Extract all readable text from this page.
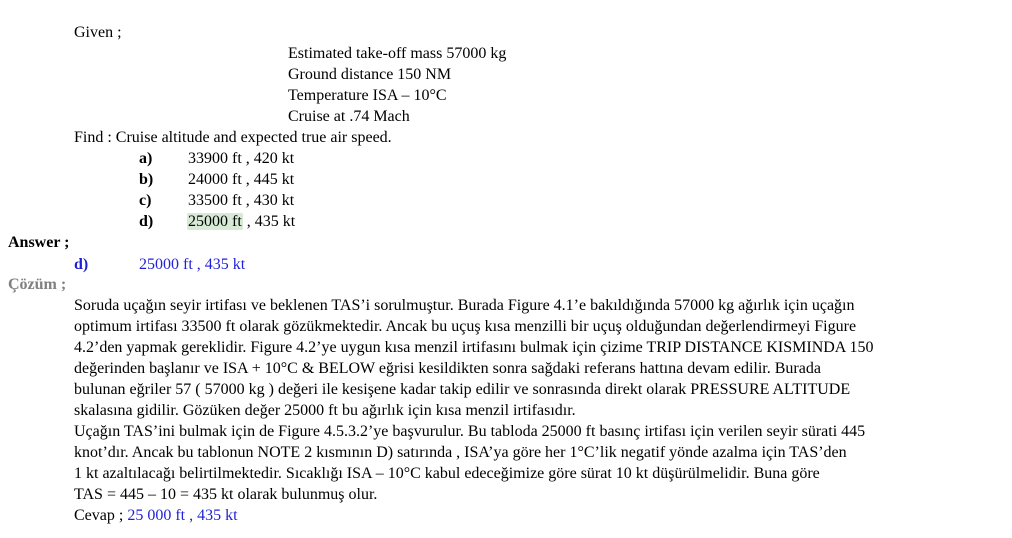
Given ;
Estimated take-off mass 57000 kg
Ground distance 150 NM
Temperature ISA – 10°C
Cruise at .74 Mach
Find : Cruise altitude and expected true air speed.
a) 33900 ft , 420 kt
b) 24000 ft , 445 kt
c) 33500 ft , 430 kt
d) 25000 ft , 435 kt
Answer ;
d)	25000 ft , 435 kt
Çözüm ;
Soruda uçağın seyir irtifası ve beklenen TAS’i sorulmuştur. Burada Figure 4.1’e bakıldığında 57000 kg ağırlık için uçağın
optimum irtifası 33500 ft olarak gözükmektedir. Ancak bu uçuş kısa menzilli bir uçuş olduğundan değerlendirmeyi Figure
4.2’den yapmak gereklidir. Figure 4.2’ye uygun kısa menzil irtifasını bulmak için çizime TRIP DISTANCE KISMINDA 150
değerinden başlanır ve ISA + 10°C & BELOW eğrisi kesildikten sonra sağdaki referans hattına devam edilir. Burada
bulunan eğriler 57 ( 57000 kg ) değeri ile kesişene kadar takip edilir ve sonrasında direkt olarak PRESSURE ALTITUDE
skalasına gidilir. Gözüken değer 25000 ft bu ağırlık için kısa menzil irtifasıdır.
Uçağın TAS’ini bulmak için de Figure 4.5.3.2’ye başvurulur. Bu tabloda 25000 ft basınç irtifası için verilen seyir sürati 445
knot’dır. Ancak bu tablonun NOTE 2 kısmının D) satırında , ISA’ya göre her 1°C’lik negatif yönde azalma için TAS’den
1 kt azaltılacağı belirtilmektedir. Sıcaklığı ISA – 10°C kabul edeceğimize göre sürat 10 kt düşürülmelidir. Buna göre
TAS = 445 – 10 = 435 kt olarak bulunmuş olur.
Cevap ; 25 000 ft , 435 kt
